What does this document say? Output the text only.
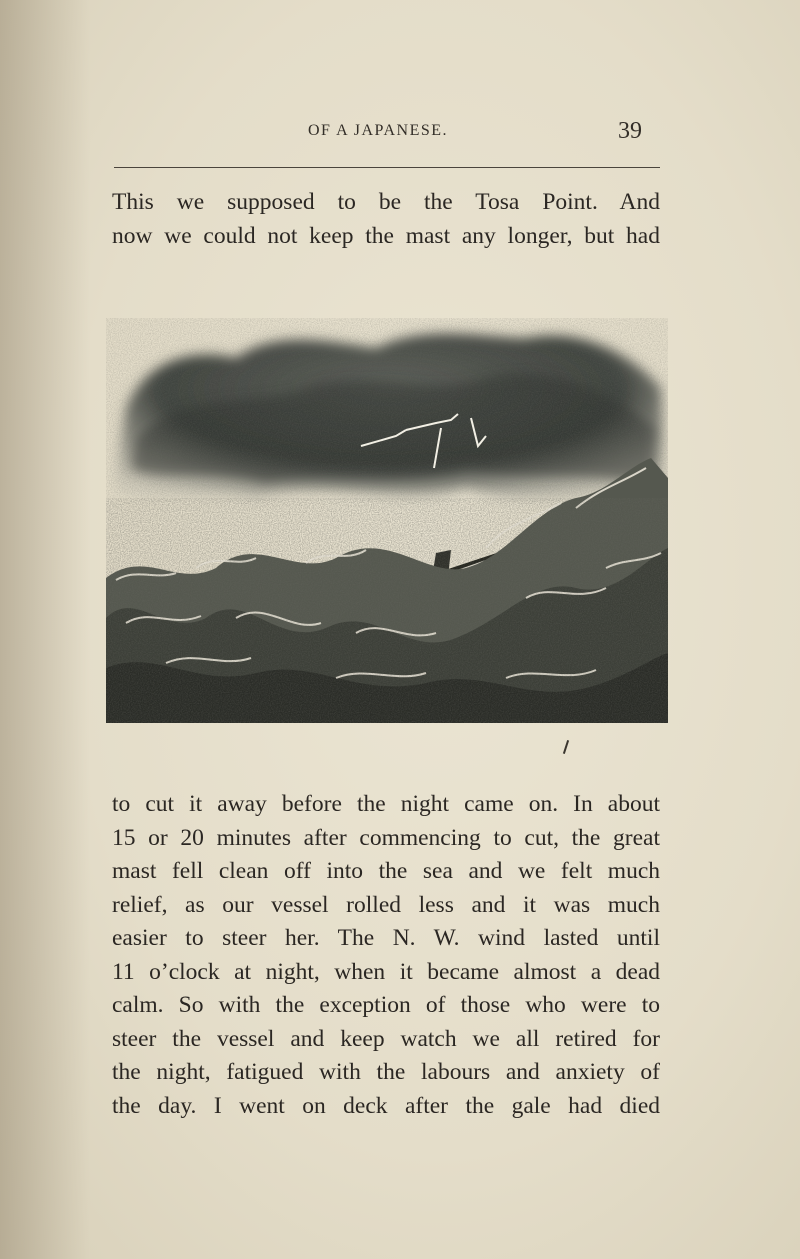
OF A JAPANESE.	39
This we supposed to be the Tosa Point. And
now we could not keep the mast any longer, but had
to cut it away before the night came on. In about
15 or 20 minutes after commencing to cut, the great
mast fell clean off into the sea and we felt much
relief, as our vessel rolled less and it was much
easier to steer her. The N. W. wind lasted until
11 o’clock at night, when it became almost a dead
calm. So with the exception of those who were to
steer the vessel and keep watch we all retired for
the night, fatigued with the labours and anxiety of
the day. I went on deck after the gale had died
